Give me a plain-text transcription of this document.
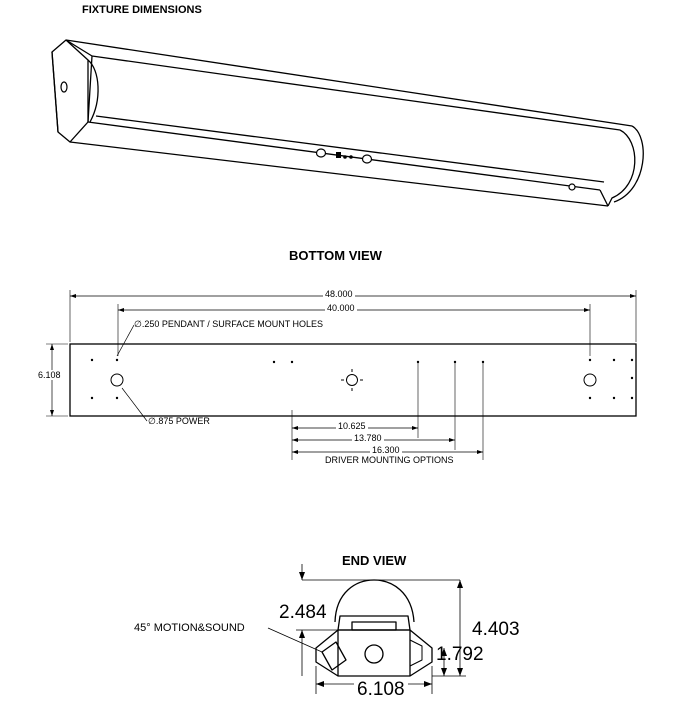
FIXTURE DIMENSIONS
BOTTOM VIEW
48.000
40.000
∅.250 PENDANT / SURFACE MOUNT HOLES
6.108
∅.875 POWER	10.625
13.780
16.300
DRIVER MOUNTING OPTIONS
END VIEW
45° MOTION&SOUND
2.484
4.403
1.792
6.108
